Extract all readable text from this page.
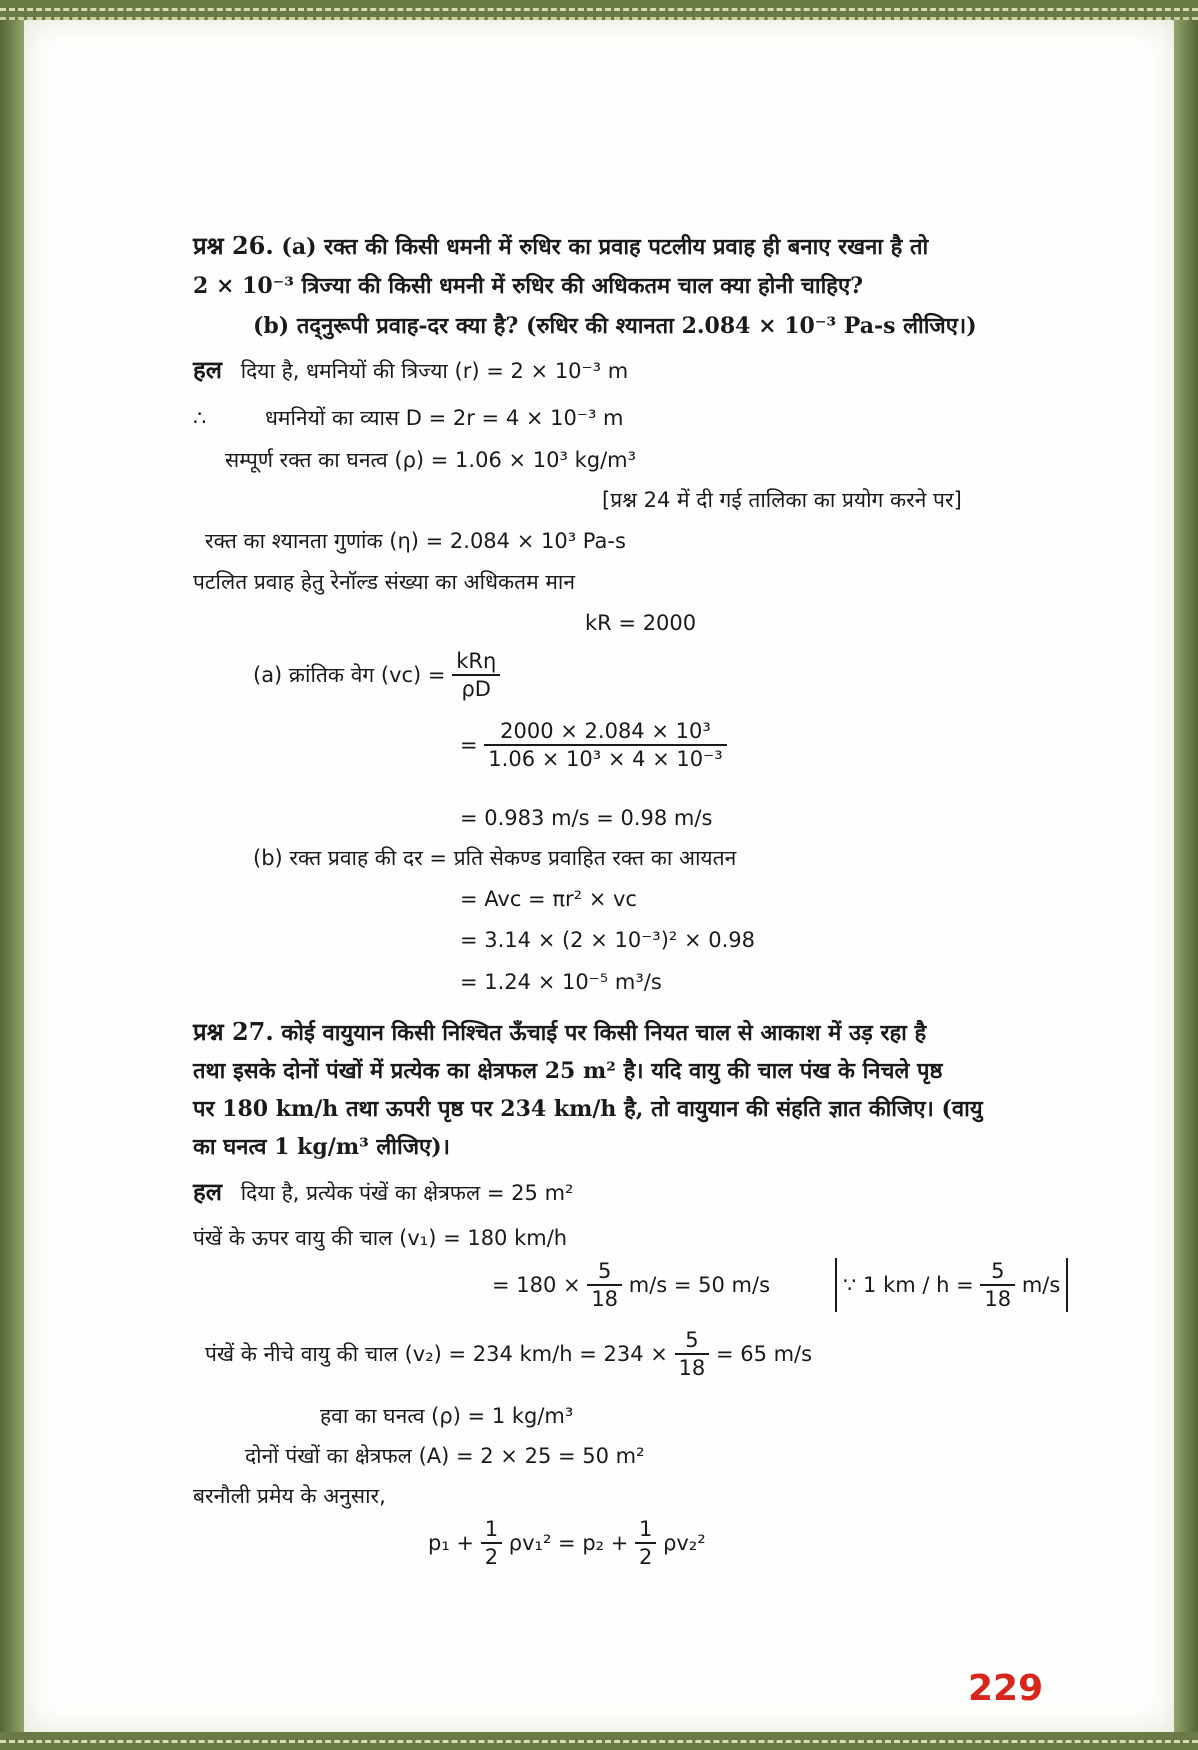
प्रश्न 26. (a) रक्त की किसी धमनी में रुधिर का प्रवाह पटलीय प्रवाह ही बनाए रखना है तो
2 × 10⁻³ त्रिज्या की किसी धमनी में रुधिर की अधिकतम चाल क्या होनी चाहिए?
(b) तद्नुरूपी प्रवाह-दर क्या है? (रुधिर की श्यानता 2.084 × 10⁻³ Pa-s लीजिए।)
हल दिया है, धमनियों की त्रिज्या (r) = 2 × 10⁻³ m
∴	धमनियों का व्यास D = 2r = 4 × 10⁻³ m
सम्पूर्ण रक्त का घनत्व (ρ) = 1.06 × 10³ kg/m³
[प्रश्न 24 में दी गई तालिका का प्रयोग करने पर]
रक्त का श्यानता गुणांक (η) = 2.084 × 10³ Pa-s
पटलित प्रवाह हेतु रेनॉल्ड संख्या का अधिकतम मान
kR = 2000
(a) क्रांतिक वेग $(vc) = \frac{\text{kRη}}{\rho D}$
= $\frac{\text{2000 × 2.084 × 10³}}{\text{1.06 × 10³ × 4 × 10⁻³}}$
= 0.983 m/s = 0.98 m/s
(b) रक्त प्रवाह की दर = प्रति सेकण्ड प्रवाहित रक्त का आयतन
= Avc = πr² × vc
= 3.14 × (2 × 10⁻³)² × 0.98
= 1.24 × 10⁻⁵ m³/s
प्रश्न 27. कोई वायुयान किसी निश्चित ऊँचाई पर किसी नियत चाल से आकाश में उड़ रहा है
तथा इसके दोनों पंखों में प्रत्येक का क्षेत्रफल 25 m² है। यदि वायु की चाल पंख के निचले पृष्ठ
पर 180 km/h तथा ऊपरी पृष्ठ पर 234 km/h है, तो वायुयान की संहति ज्ञात कीजिए। (वायु
का घनत्व 1 kg/m³ लीजिए)।
हल दिया है, प्रत्येक पंखें का क्षेत्रफल = 25 m²
पंखें के ऊपर वायु की चाल (v₁) = 180 km/h
= $180 \times \frac{5}{18} m/s = 50$ m/s	∵ 1 km / $h = \frac{5}{18} m/s$
पंखें के नीचे वायु की चाल (v₂) = 234 $km/h = 234 \times \frac{5}{18} = 65$ m/s
हवा का घनत्व (ρ) = 1 kg/m³
दोनों पंखों का क्षेत्रफल (A) = 2 × 25 = 50 m²
बरनौली प्रमेय के अनुसार,
$p_1 + \frac{1}{2} \rho v_1^2 = p_2 + \frac{1}{2} \rho v_2^2$
229
